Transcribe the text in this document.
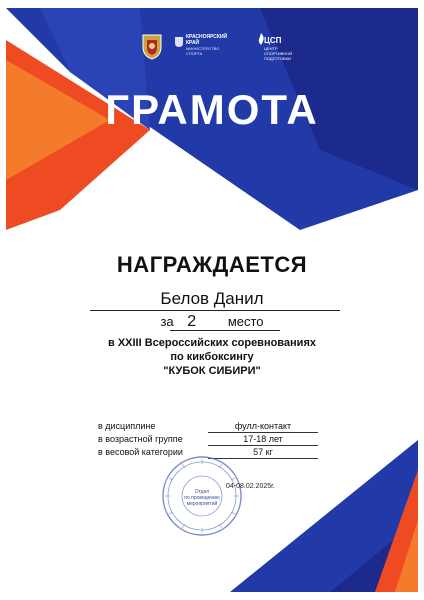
КРАСНОЯРСКИЙ
КРАЙ
МИНИСТЕРСТВО
СПОРТА
ЦСП
ЦЕНТР
СПОРТИВНОЙ
ПОДГОТОВКИ
ГРАМОТА
НАГРАЖДАЕТСЯ
Белов Данил
за 2 место
в XXIII Всероссийских соревнованиях
по кикбоксингу
"КУБОК СИБИРИ"
в дисциплине	фулл-контакт
в возрастной группе	17-18 лет
в весовой категории	57 кг
Отдел
по проведению
мероприятий
04-08.02.2025г.
